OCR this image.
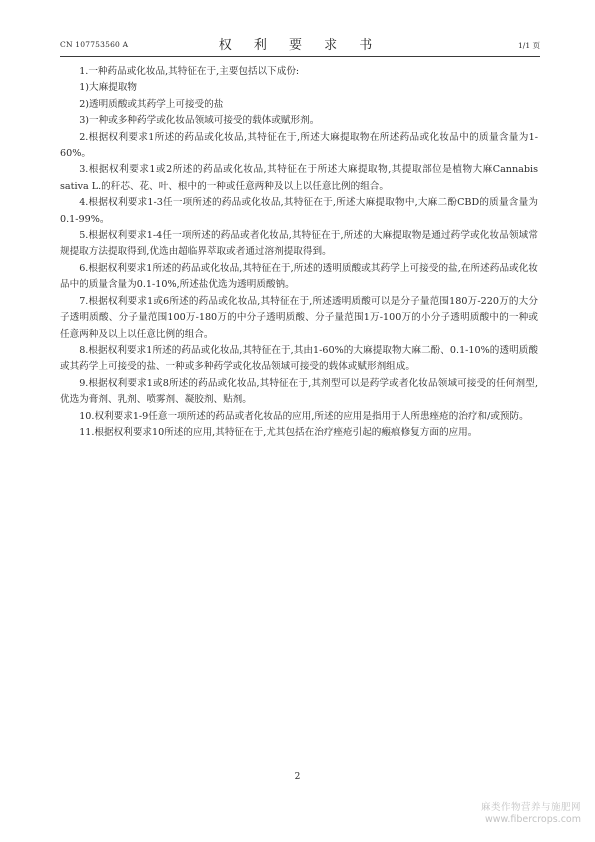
CN 107753560 A	权 利 要 求 书	1/1 页

1.一种药品或化妆品,其特征在于,主要包括以下成份:

1)大麻提取物

2)透明质酸或其药学上可接受的盐

3)一种或多种药学或化妆品领域可接受的载体或赋形剂。

2.根据权利要求1所述的药品或化妆品,其特征在于,所述大麻提取物在所述药品或化妆品中的质量含量为1-60%。

3.根据权利要求1或2所述的药品或化妆品,其特征在于所述大麻提取物,其提取部位是植物大麻Cannabis sativa L.的秆芯、花、叶、根中的一种或任意两种及以上以任意比例的组合。

4.根据权利要求1-3任一项所述的药品或化妆品,其特征在于,所述大麻提取物中,大麻二酚CBD的质量含量为0.1-99%。

5.根据权利要求1-4任一项所述的药品或者化妆品,其特征在于,所述的大麻提取物是通过药学或化妆品领域常规提取方法提取得到,优选由超临界萃取或者通过溶剂提取得到。

6.根据权利要求1所述的药品或化妆品,其特征在于,所述的透明质酸或其药学上可接受的盐,在所述药品或化妆品中的质量含量为0.1-10%,所述盐优选为透明质酸钠。

7.根据权利要求1或6所述的药品或化妆品,其特征在于,所述透明质酸可以是分子量范围180万-220万的大分子透明质酸、分子量范围100万-180万的中分子透明质酸、分子量范围1万-100万的小分子透明质酸中的一种或任意两种及以上以任意比例的组合。

8.根据权利要求1所述的药品或化妆品,其特征在于,其由1-60%的大麻提取物大麻二酚、0.1-10%的透明质酸或其药学上可接受的盐、一种或多种药学或化妆品领域可接受的载体或赋形剂组成。

9.根据权利要求1或8所述的药品或化妆品,其特征在于,其剂型可以是药学或者化妆品领域可接受的任何剂型,优选为膏剂、乳剂、喷雾剂、凝胶剂、贴剂。

10.权利要求1-9任意一项所述的药品或者化妆品的应用,所述的应用是指用于人所患痤疮的治疗和/或预防。

11.根据权利要求10所述的应用,其特征在于,尤其包括在治疗痤疮引起的瘢痕修复方面的应用。

2
麻类作物营养与施肥网
www.fibercrops.com
